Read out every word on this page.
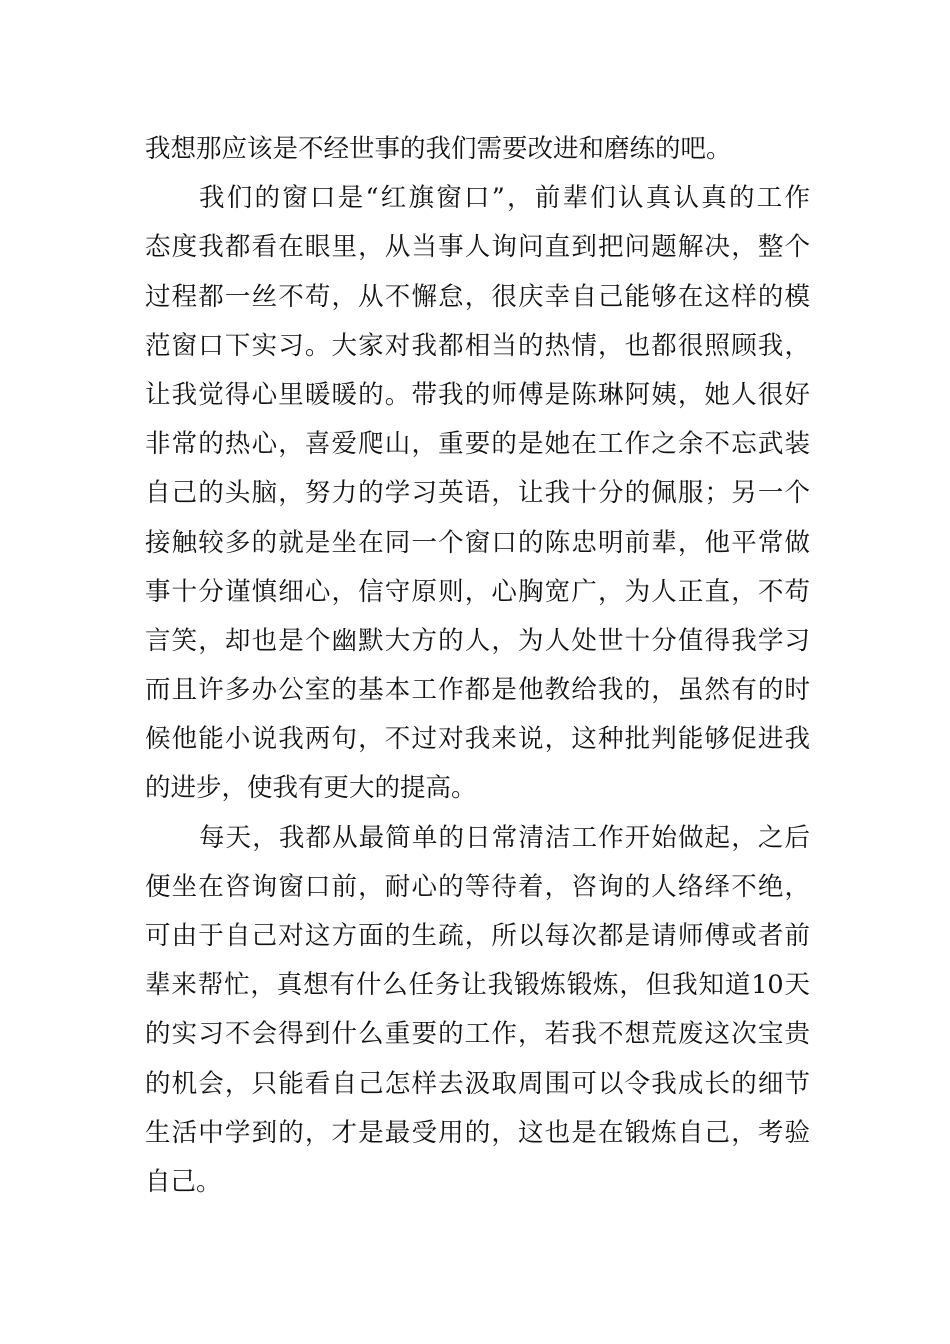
我想那应该是不经世事的我们需要改进和磨练的吧。
我们的窗口是“红旗窗口”，前辈们认真认真的工作
态度我都看在眼里，从当事人询问直到把问题解决，整个
过程都一丝不苟，从不懈怠，很庆幸自己能够在这样的模
范窗口下实习。大家对我都相当的热情，也都很照顾我，
让我觉得心里暖暖的。带我的师傅是陈琳阿姨，她人很好
非常的热心，喜爱爬山，重要的是她在工作之余不忘武装
自己的头脑，努力的学习英语，让我十分的佩服；另一个
接触较多的就是坐在同一个窗口的陈忠明前辈，他平常做
事十分谨慎细心，信守原则，心胸宽广，为人正直，不苟
言笑，却也是个幽默大方的人，为人处世十分值得我学习
而且许多办公室的基本工作都是他教给我的，虽然有的时
候他能小说我两句，不过对我来说，这种批判能够促进我
的进步，使我有更大的提高。
每天，我都从最简单的日常清洁工作开始做起，之后
便坐在咨询窗口前，耐心的等待着，咨询的人络绎不绝，
可由于自己对这方面的生疏，所以每次都是请师傅或者前
辈来帮忙，真想有什么任务让我锻炼锻炼，但我知道10天
的实习不会得到什么重要的工作，若我不想荒废这次宝贵
的机会，只能看自己怎样去汲取周围可以令我成长的细节
生活中学到的，才是最受用的，这也是在锻炼自己，考验
自己。
